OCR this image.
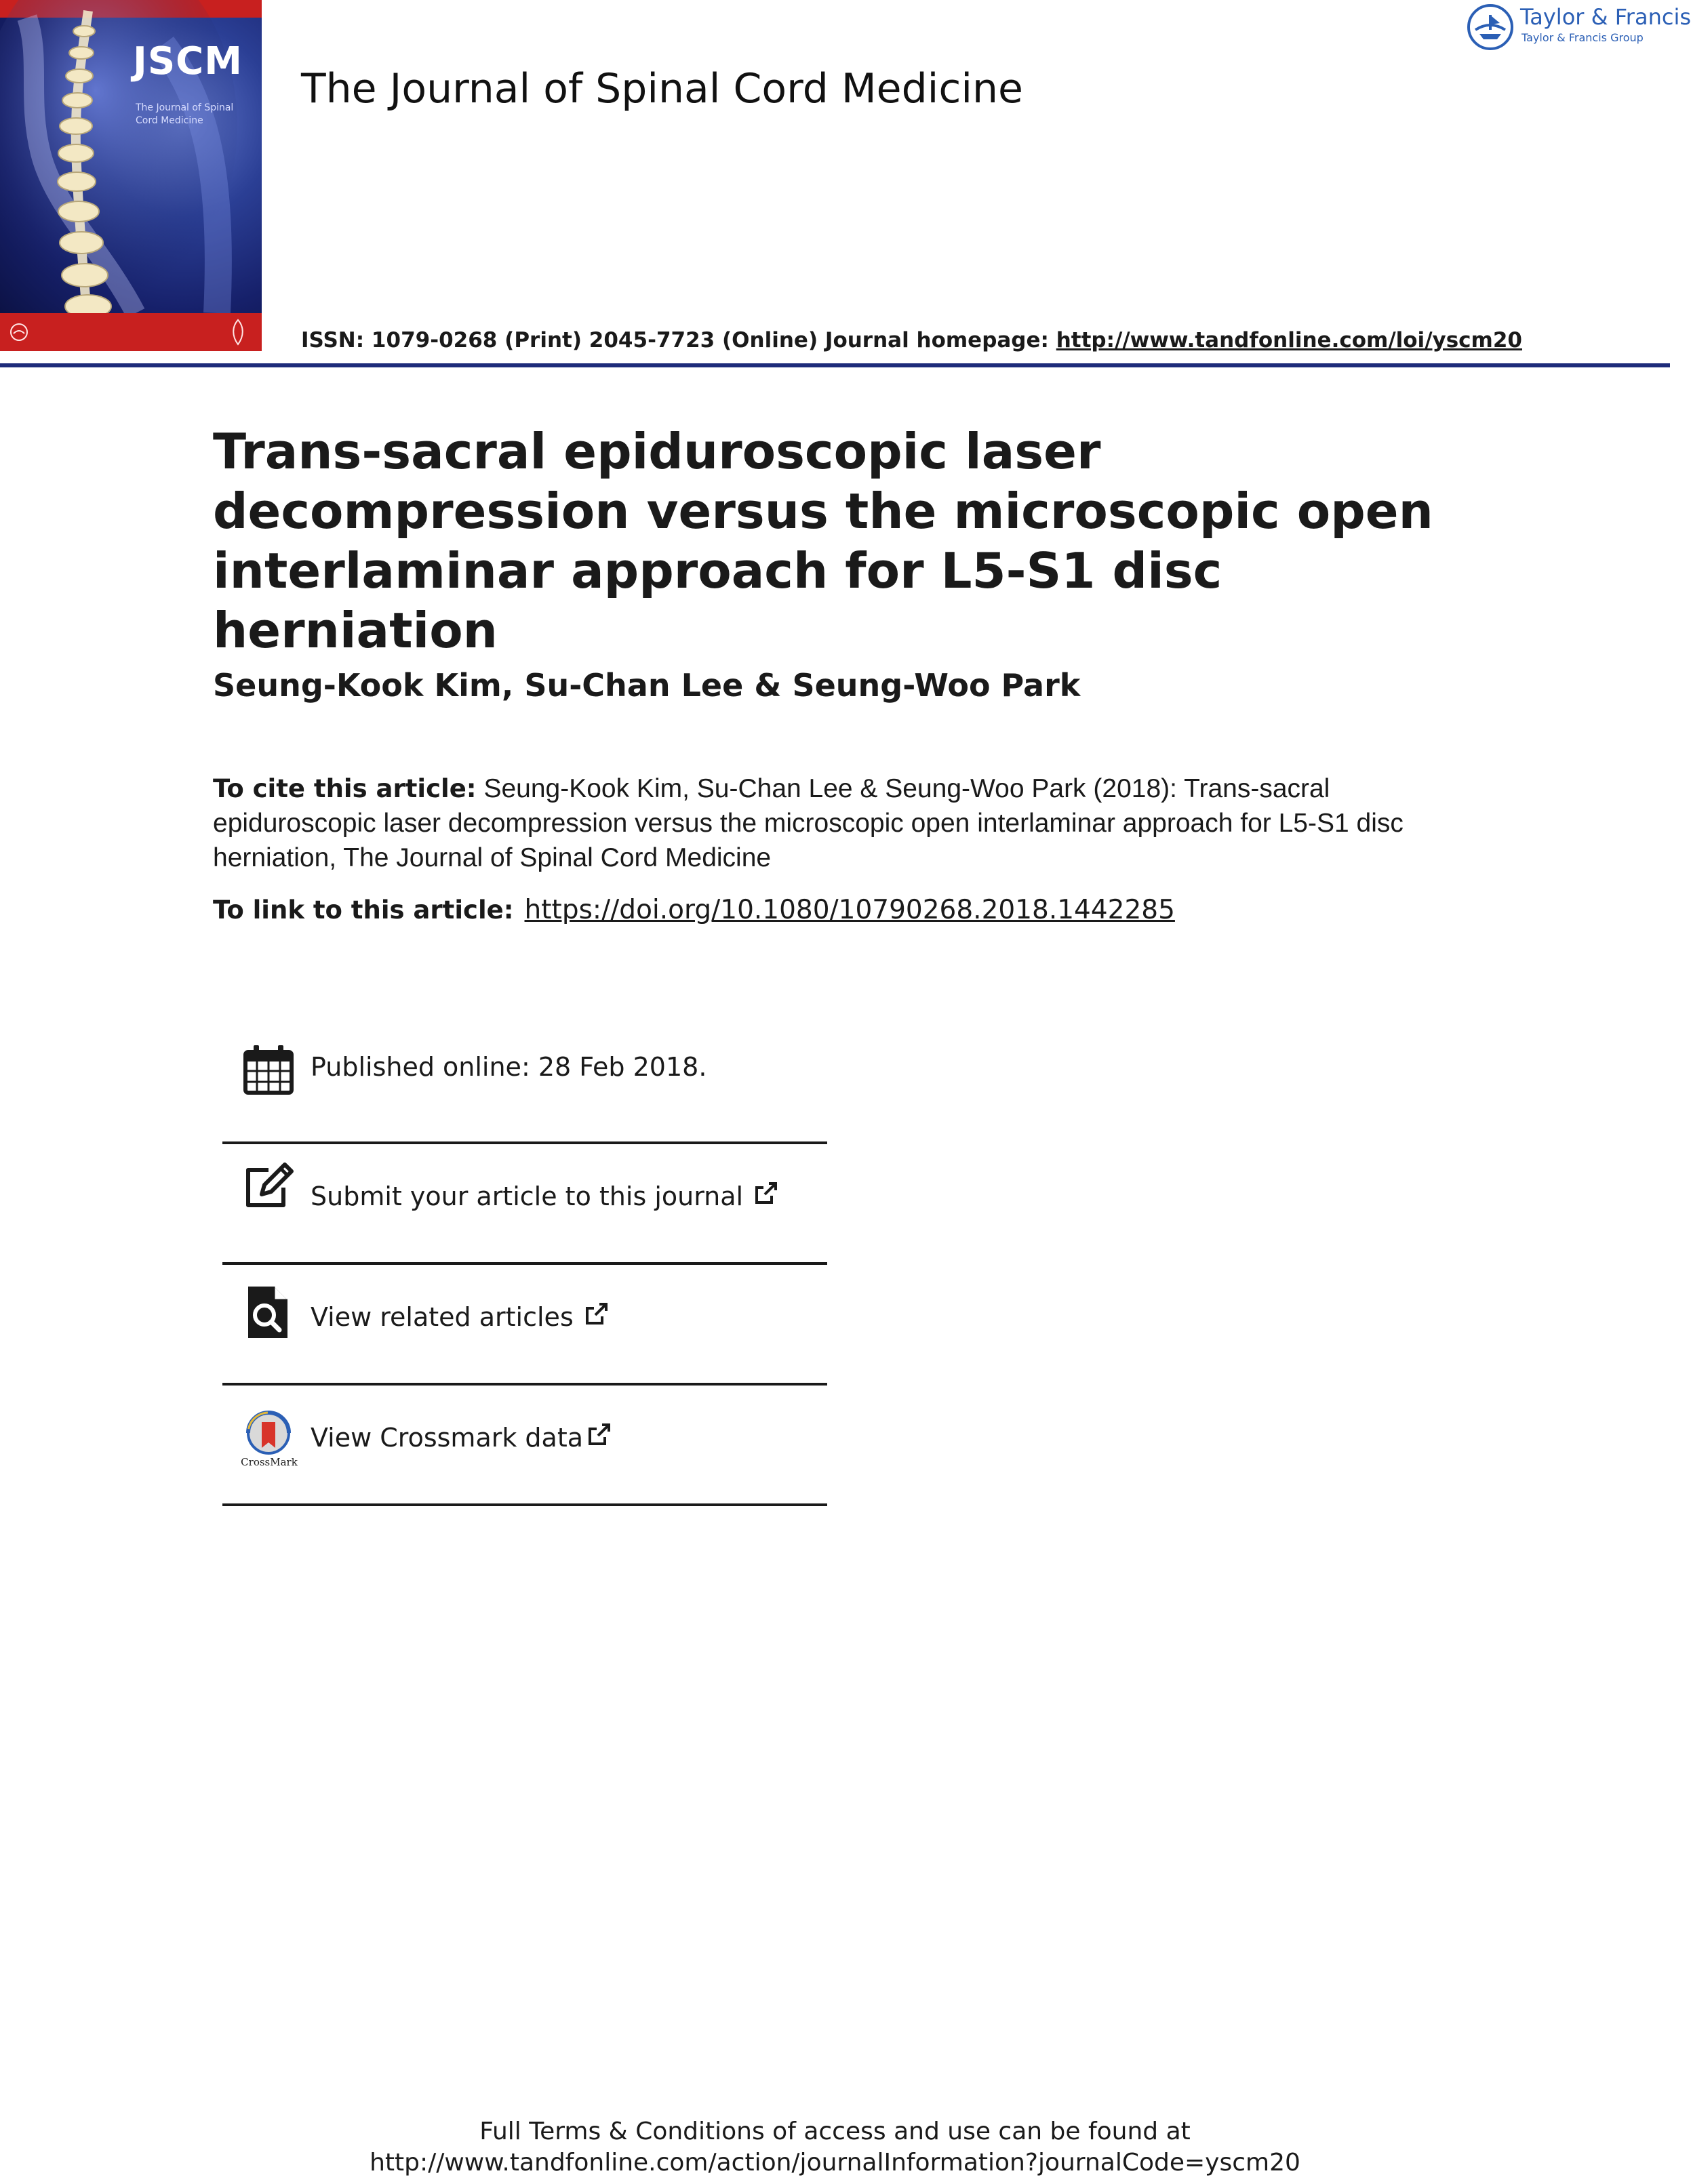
JSCM
The Journal of Spinal Cord Medicine
The Journal of Spinal Cord Medicine
ISSN: 1079-0268 (Print) 2045-7723 (Online) Journal homepage: http://www.tandfonline.com/loi/yscm20
Taylor & Francis
Taylor & Francis Group
Trans-sacral epiduroscopic laser decompression versus the microscopic open interlaminar approach for L5-S1 disc herniation
Seung-Kook Kim, Su-Chan Lee & Seung-Woo Park
To cite this article: Seung-Kook Kim, Su-Chan Lee & Seung-Woo Park (2018): Trans-sacral epiduroscopic laser decompression versus the microscopic open interlaminar approach for L5-S1 disc herniation, The Journal of Spinal Cord Medicine
To link to this article: https://doi.org/10.1080/10790268.2018.1442285
Published online: 28 Feb 2018.
Submit your article to this journal
View related articles
CrossMark
View Crossmark data
Full Terms & Conditions of access and use can be found at
http://www.tandfonline.com/action/journalInformation?journalCode=yscm20
